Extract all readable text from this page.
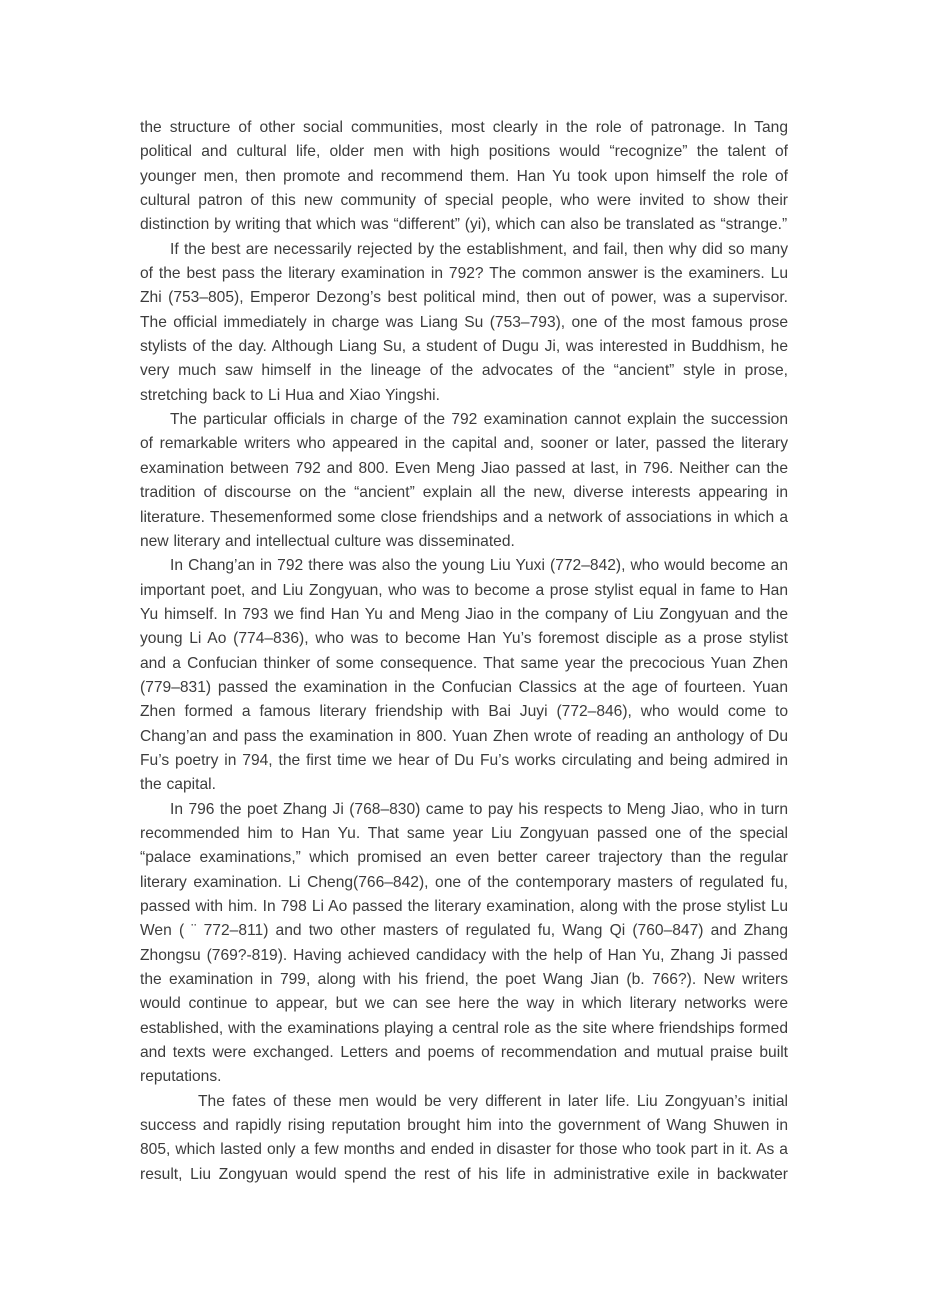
the structure of other social communities, most clearly in the role of patronage. In Tang political and cultural life, older men with high positions would “recognize” the talent of younger men, then promote and recommend them. Han Yu took upon himself the role of cultural patron of this new community of special people, who were invited to show their distinction by writing that which was “different” (yi), which can also be translated as “strange.”

If the best are necessarily rejected by the establishment, and fail, then why did so many of the best pass the literary examination in 792? The common answer is the examiners. Lu Zhi (753–805), Emperor Dezong’s best political mind, then out of power, was a supervisor. The official immediately in charge was Liang Su (753–793), one of the most famous prose stylists of the day. Although Liang Su, a student of Dugu Ji, was interested in Buddhism, he very much saw himself in the lineage of the advocates of the “ancient” style in prose, stretching back to Li Hua and Xiao Yingshi.

The particular officials in charge of the 792 examination cannot explain the succession of remarkable writers who appeared in the capital and, sooner or later, passed the literary examination between 792 and 800. Even Meng Jiao passed at last, in 796. Neither can the tradition of discourse on the “ancient” explain all the new, diverse interests appearing in literature. Thesemenformed some close friendships and a network of associations in which a new literary and intellectual culture was disseminated.

In Chang’an in 792 there was also the young Liu Yuxi (772–842), who would become an important poet, and Liu Zongyuan, who was to become a prose stylist equal in fame to Han Yu himself. In 793 we find Han Yu and Meng Jiao in the company of Liu Zongyuan and the young Li Ao (774–836), who was to become Han Yu’s foremost disciple as a prose stylist and a Confucian thinker of some consequence. That same year the precocious Yuan Zhen (779–831) passed the examination in the Confucian Classics at the age of fourteen. Yuan Zhen formed a famous literary friendship with Bai Juyi (772–846), who would come to Chang’an and pass the examination in 800. Yuan Zhen wrote of reading an anthology of Du Fu’s poetry in 794, the first time we hear of Du Fu’s works circulating and being admired in the capital.

In 796 the poet Zhang Ji (768–830) came to pay his respects to Meng Jiao, who in turn recommended him to Han Yu. That same year Liu Zongyuan passed one of the special “palace examinations,” which promised an even better career trajectory than the regular literary examination. Li Cheng(766–842), one of the contemporary masters of regulated fu, passed with him. In 798 Li Ao passed the literary examination, along with the prose stylist Lu Wen ( ¨ 772–811) and two other masters of regulated fu, Wang Qi (760–847) and Zhang Zhongsu (769?-819). Having achieved candidacy with the help of Han Yu, Zhang Ji passed the examination in 799, along with his friend, the poet Wang Jian (b. 766?). New writers would continue to appear, but we can see here the way in which literary networks were established, with the examinations playing a central role as the site where friendships formed and texts were exchanged. Letters and poems of recommendation and mutual praise built reputations.

The fates of these men would be very different in later life. Liu Zongyuan’s initial success and rapidly rising reputation brought him into the government of Wang Shuwen in 805, which lasted only a few months and ended in disaster for those who took part in it. As a result, Liu Zongyuan would spend the rest of his life in administrative exile in backwater
